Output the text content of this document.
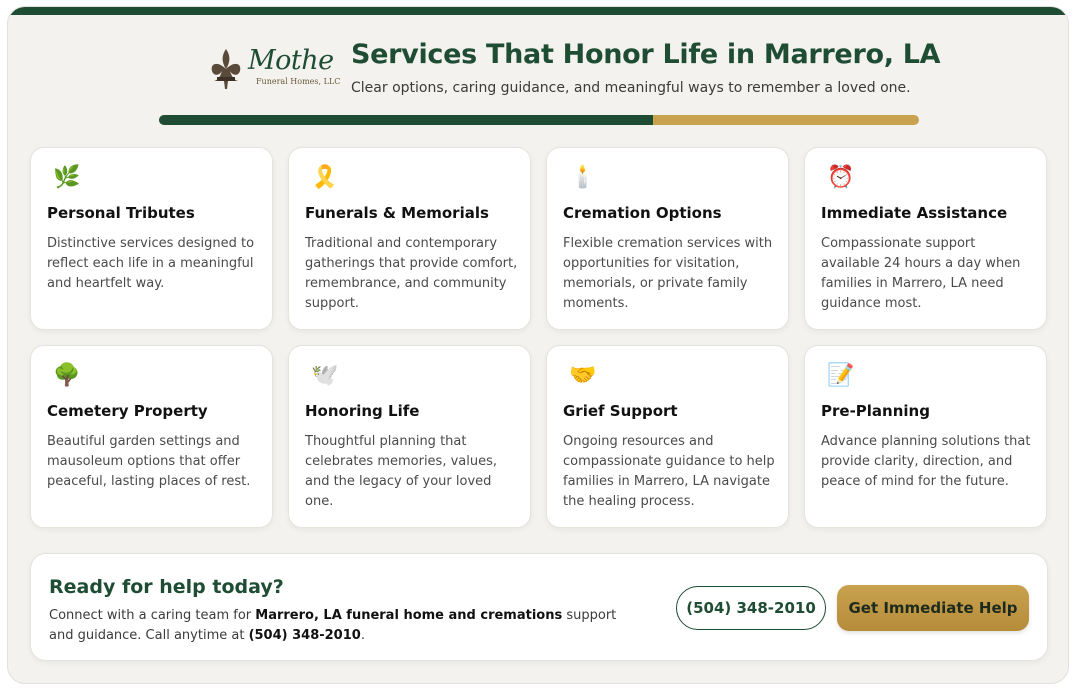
Mothe
Funeral Homes, LLC
Services That Honor Life in Marrero, LA

Clear options, caring guidance, and meaningful ways to remember a loved one.

🌿
Personal Tributes
Distinctive services designed to reflect each life in a meaningful and heartfelt way.
🎗️
Funerals & Memorials
Traditional and contemporary gatherings that provide comfort, remembrance, and community support.
🕯️
Cremation Options
Flexible cremation services with opportunities for visitation, memorials, or private family moments.
⏰
Immediate Assistance
Compassionate support available 24 hours a day when families in Marrero, LA need guidance most.
🌳
Cemetery Property
Beautiful garden settings and mausoleum options that offer peaceful, lasting places of rest.
🕊️
Honoring Life
Thoughtful planning that celebrates memories, values, and the legacy of your loved one.
🤝
Grief Support
Ongoing resources and compassionate guidance to help families in Marrero, LA navigate the healing process.
📝
Pre-Planning
Advance planning solutions that provide clarity, direction, and peace of mind for the future.
Ready for help today?

Connect with a caring team for Marrero, LA funeral home and cremations support and guidance. Call anytime at (504) 348-2010.

(504) 348-2010	Get Immediate Help
